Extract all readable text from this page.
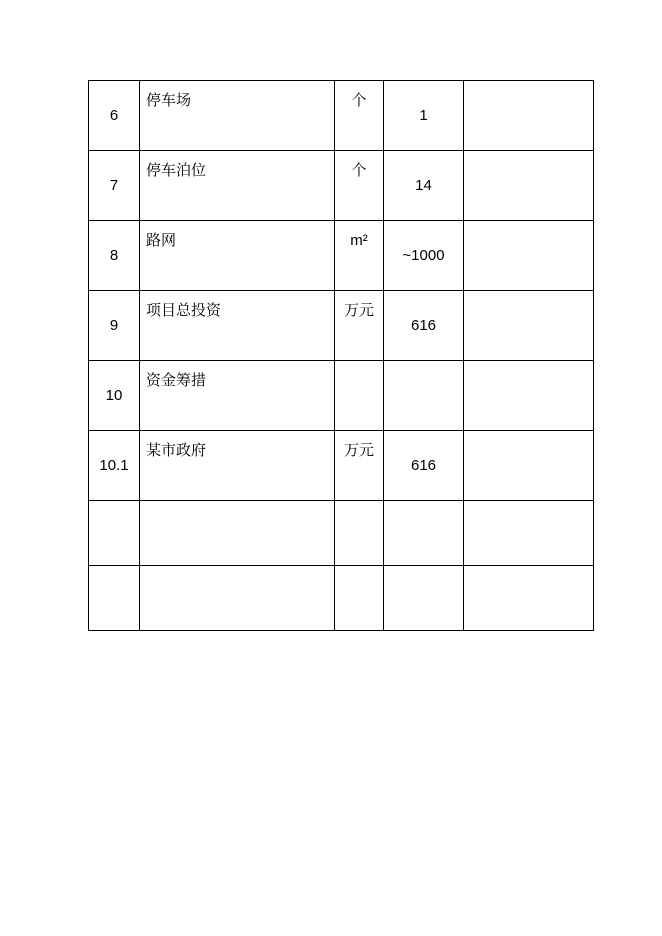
6	停车场	个	1	
7	停车泊位	个	14	
8	路网	m²	~1000	
9	项目总投资	万元	616	
10	资金筹措			
10.1	某市政府	万元	616	
